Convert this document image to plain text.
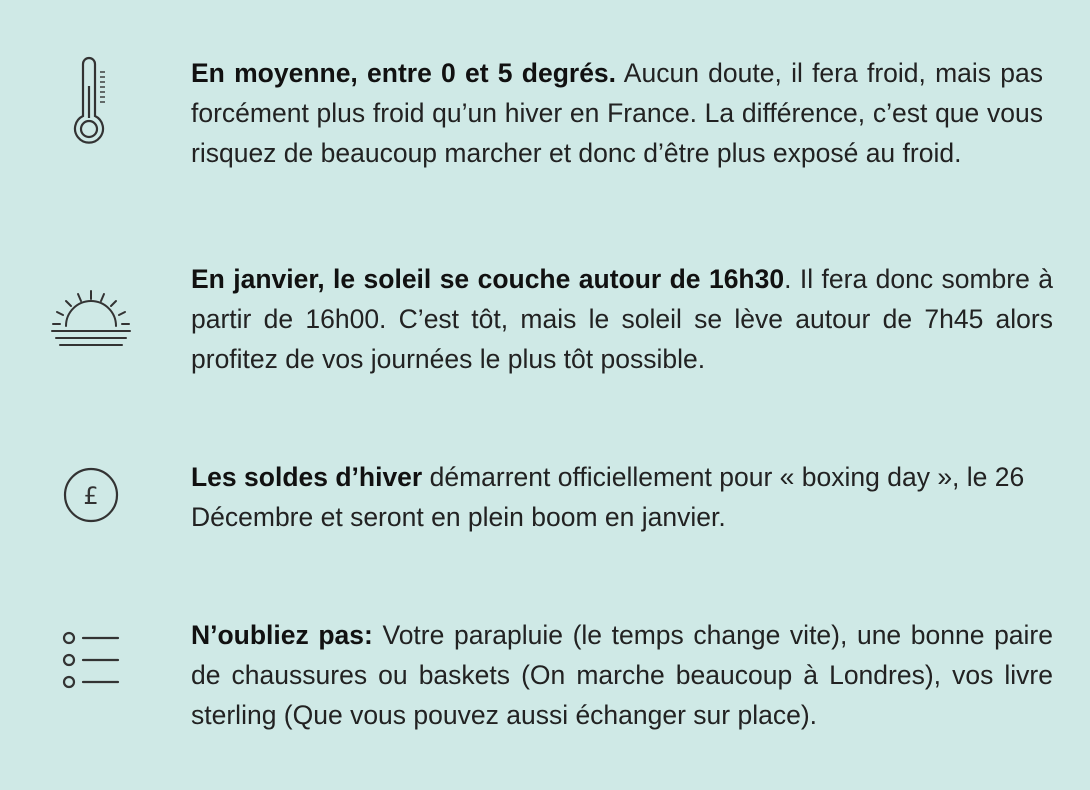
£

En moyenne, entre 0 et 5 degrés. Aucun doute, il fera froid, mais pas forcément plus froid qu’un hiver en France. La différence, c’est que vous risquez de beaucoup marcher et donc d’être plus exposé au froid.

En janvier, le soleil se couche autour de 16h30. Il fera donc sombre à partir de 16h00. C’est tôt, mais le soleil se lève autour de 7h45 alors profitez de vos journées le plus tôt possible.

Les soldes d’hiver démarrent officiellement pour « boxing day », le 26 Décembre et seront en plein boom en janvier.

N’oubliez pas: Votre parapluie (le temps change vite), une bonne paire de chaussures ou baskets (On marche beaucoup à Londres), vos livre sterling (Que vous pouvez aussi échanger sur place).
